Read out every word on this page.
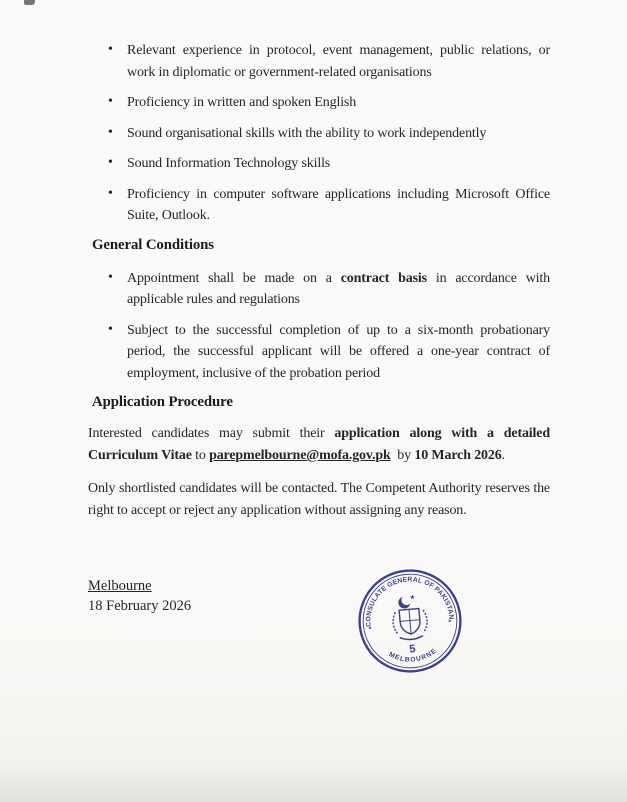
• Relevant experience in protocol, event management, public relations, or work in diplomatic or government-related organisations
• Proficiency in written and spoken English
• Sound organisational skills with the ability to work independently
• Sound Information Technology skills
• Proficiency in computer software applications including Microsoft Office Suite, Outlook.
General Conditions
• Appointment shall be made on a contract basis in accordance with applicable rules and regulations
• Subject to the successful completion of up to a six-month probationary period, the successful applicant will be offered a one-year contract of employment, inclusive of the probation period
Application Procedure

Interested candidates may submit their application along with a detailed Curriculum Vitae to parepmelbourne@mofa.gov.pk  by 10 March 2026.

Only shortlisted candidates will be contacted. The Competent Authority reserves the right to accept or reject any application without assigning any reason.

Melbourne
18 February 2026
CONSULATE GENERAL OF PAKISTAN
MELBOURNE
✦
✦
★
5
